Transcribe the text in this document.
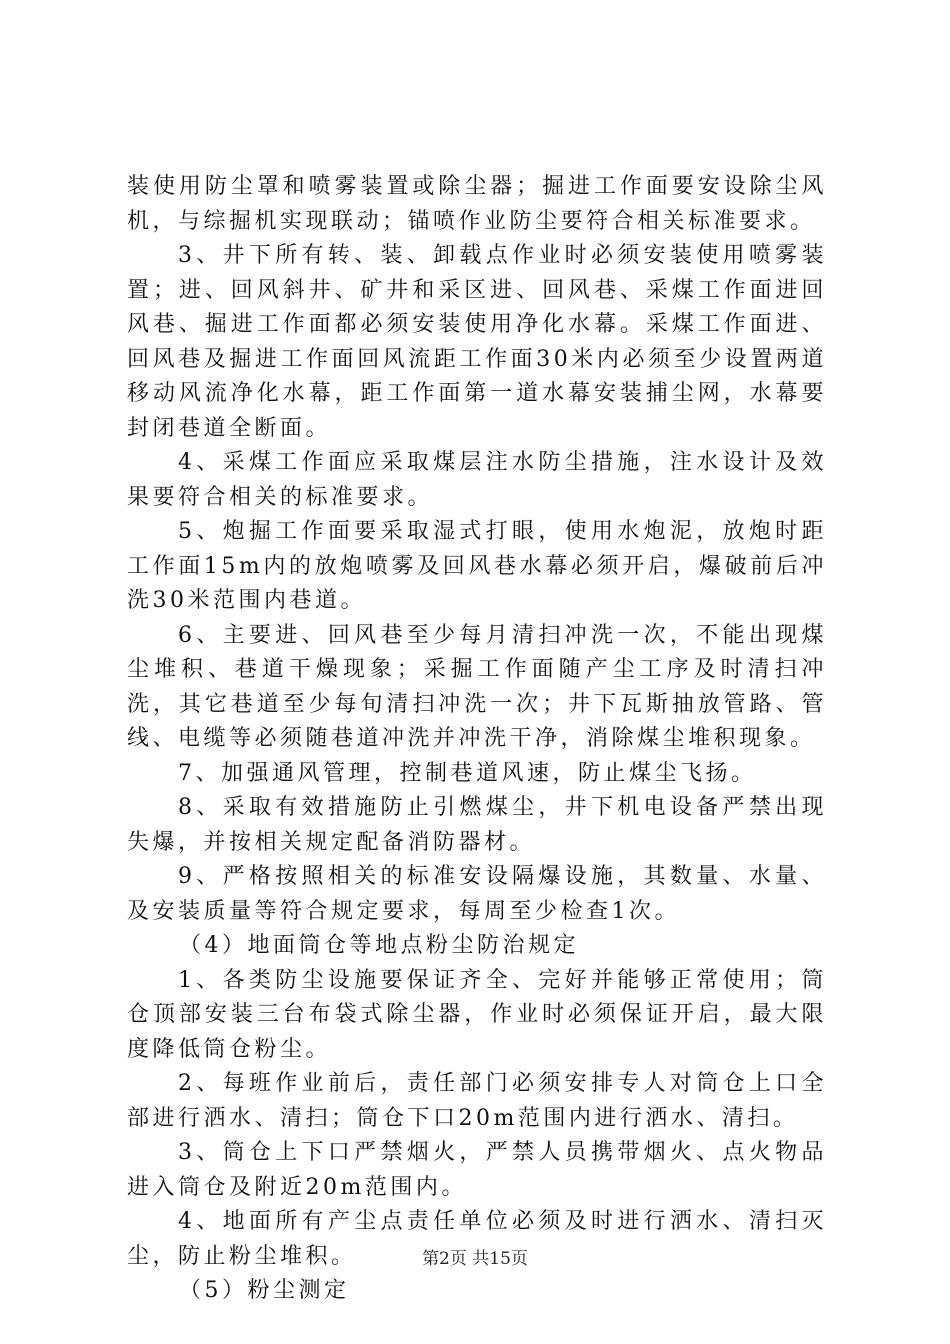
装使用防尘罩和喷雾装置或除尘器；掘进工作面要安设除尘风机，与综掘机实现联动；锚喷作业防尘要符合相关标准要求。

3、井下所有转、装、卸载点作业时必须安装使用喷雾装置；进、回风斜井、矿井和采区进、回风巷、采煤工作面进回风巷、掘进工作面都必须安装使用净化水幕。采煤工作面进、回风巷及掘进工作面回风流距工作面30米内必须至少设置两道移动风流净化水幕，距工作面第一道水幕安装捕尘网，水幕要封闭巷道全断面。

4、采煤工作面应采取煤层注水防尘措施，注水设计及效果要符合相关的标准要求。

5、炮掘工作面要采取湿式打眼，使用水炮泥，放炮时距工作面15m内的放炮喷雾及回风巷水幕必须开启，爆破前后冲洗30米范围内巷道。

6、主要进、回风巷至少每月清扫冲洗一次，不能出现煤尘堆积、巷道干燥现象；采掘工作面随产尘工序及时清扫冲洗，其它巷道至少每旬清扫冲洗一次；井下瓦斯抽放管路、管线、电缆等必须随巷道冲洗并冲洗干净，消除煤尘堆积现象。

7、加强通风管理，控制巷道风速，防止煤尘飞扬。

8、采取有效措施防止引燃煤尘，井下机电设备严禁出现失爆，并按相关规定配备消防器材。

9、严格按照相关的标准安设隔爆设施，其数量、水量、及安装质量等符合规定要求，每周至少检查1次。

（4）地面筒仓等地点粉尘防治规定

1、各类防尘设施要保证齐全、完好并能够正常使用；筒仓顶部安装三台布袋式除尘器，作业时必须保证开启，最大限度降低筒仓粉尘。

2、每班作业前后，责任部门必须安排专人对筒仓上口全部进行洒水、清扫；筒仓下口20m范围内进行洒水、清扫。

3、筒仓上下口严禁烟火，严禁人员携带烟火、点火物品进入筒仓及附近20m范围内。

4、地面所有产尘点责任单位必须及时进行洒水、清扫灭尘，防止粉尘堆积。

（5）粉尘测定

第2页 共15页
